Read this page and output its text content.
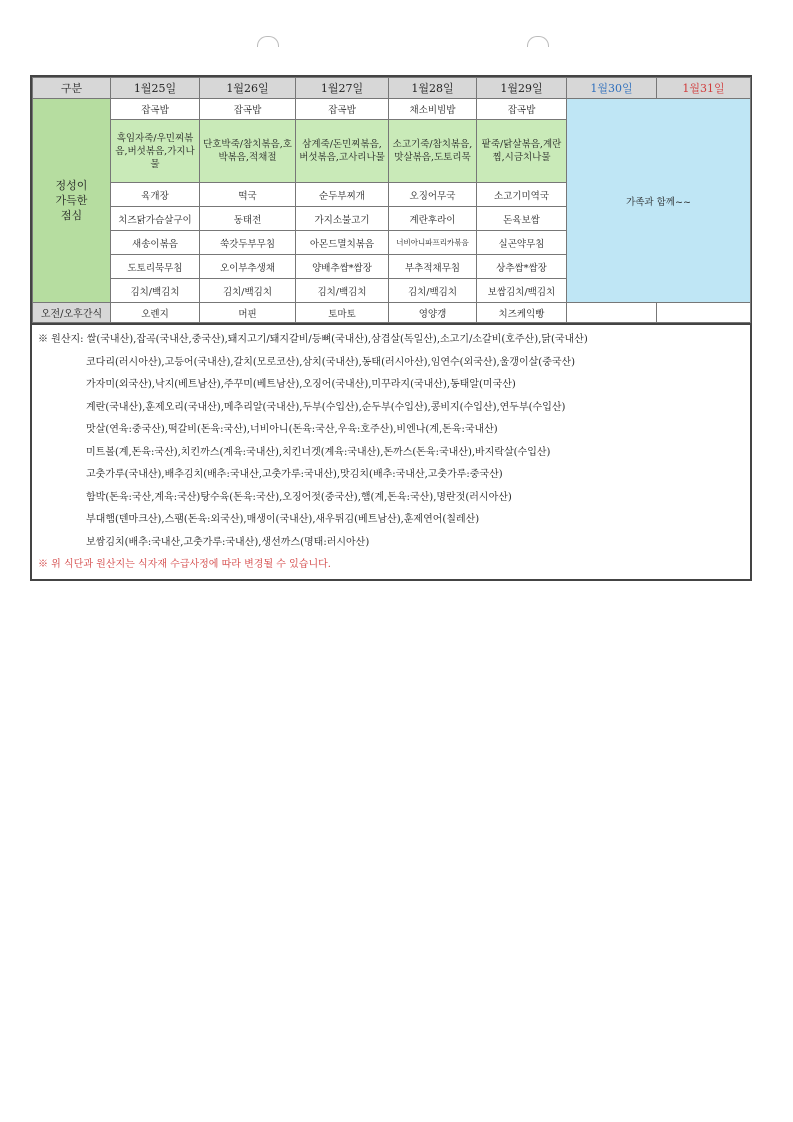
구분	1월25일	1월26일	1월27일	1월28일	1월29일	1월30일	1월31일

정성이
가득한
점심	잡곡밥	잡곡밥	잡곡밥	채소비빔밥	잡곡밥	가족과 함께~~	
	흑임자죽/우민찌볶음,버섯볶음,가지나물	단호박죽/참치볶음,호박볶음,적채절	삼계죽/돈민찌볶음,버섯볶음,고사리나물	소고기죽/참치볶음,맛살볶음,도토리묵	팥죽/닭살볶음,계란찜,시금치나물		
	육개장	떡국	순두부찌개	오징어무국	소고기미역국		
	치즈닭가슴살구이	동태전	가지소불고기	계란후라이	돈육보쌈		
	새송이볶음	쑥갓두부무침	아몬드멸치볶음	너비아니파프리카볶음	실곤약무침		
	도토리묵무침	오이부추생채	양배추쌈*쌈장	부추적채무침	상추쌈*쌈장		
	김치/백김치	김치/백김치	김치/백김치	김치/백김치	보쌈김치/백김치		
오전/오후간식	오렌지	머핀	토마토	영양갱	치즈케익빵		
※ 원산지: 쌀(국내산),잡곡(국내산,중국산),돼지고기/돼지갈비/등뼈(국내산),삼겹살(독일산),소고기/소갈비(호주산),닭(국내산)
코다리(러시아산),고등어(국내산),갈치(모로코산),삼치(국내산),동태(러시아산),임연수(외국산),울갱이살(중국산)
가자미(외국산),낙지(베트남산),주꾸미(베트남산),오징어(국내산),미꾸라지(국내산),동태알(미국산)
계란(국내산),훈제오리(국내산),메추리알(국내산),두부(수입산),순두부(수입산),콩비지(수입산),연두부(수입산)
맛살(연육:중국산),떡갈비(돈육:국산),너비아니(돈육:국산,우육:호주산),비엔나(계,돈육:국내산)
미트볼(계,돈육:국산),치킨까스(계육:국내산),치킨너겟(계육:국내산),돈까스(돈육:국내산),바지락살(수입산)
고춧가루(국내산),배추김치(배추:국내산,고춧가루:국내산),맛김치(배추:국내산,고춧가루:중국산)
함박(돈육:국산,계육:국산)탕수육(돈육:국산),오징어젓(중국산),햄(계,돈육:국산),명란젓(러시아산)
부대햄(덴마크산),스팸(돈육:외국산),매생이(국내산),새우튀김(베트남산),훈제연어(칠레산)
보쌈김치(배추:국내산,고춧가루:국내산),생선까스(명태:러시아산)
※ 위 식단과 원산지는 식자재 수급사정에 따라 변경될 수 있습니다.
